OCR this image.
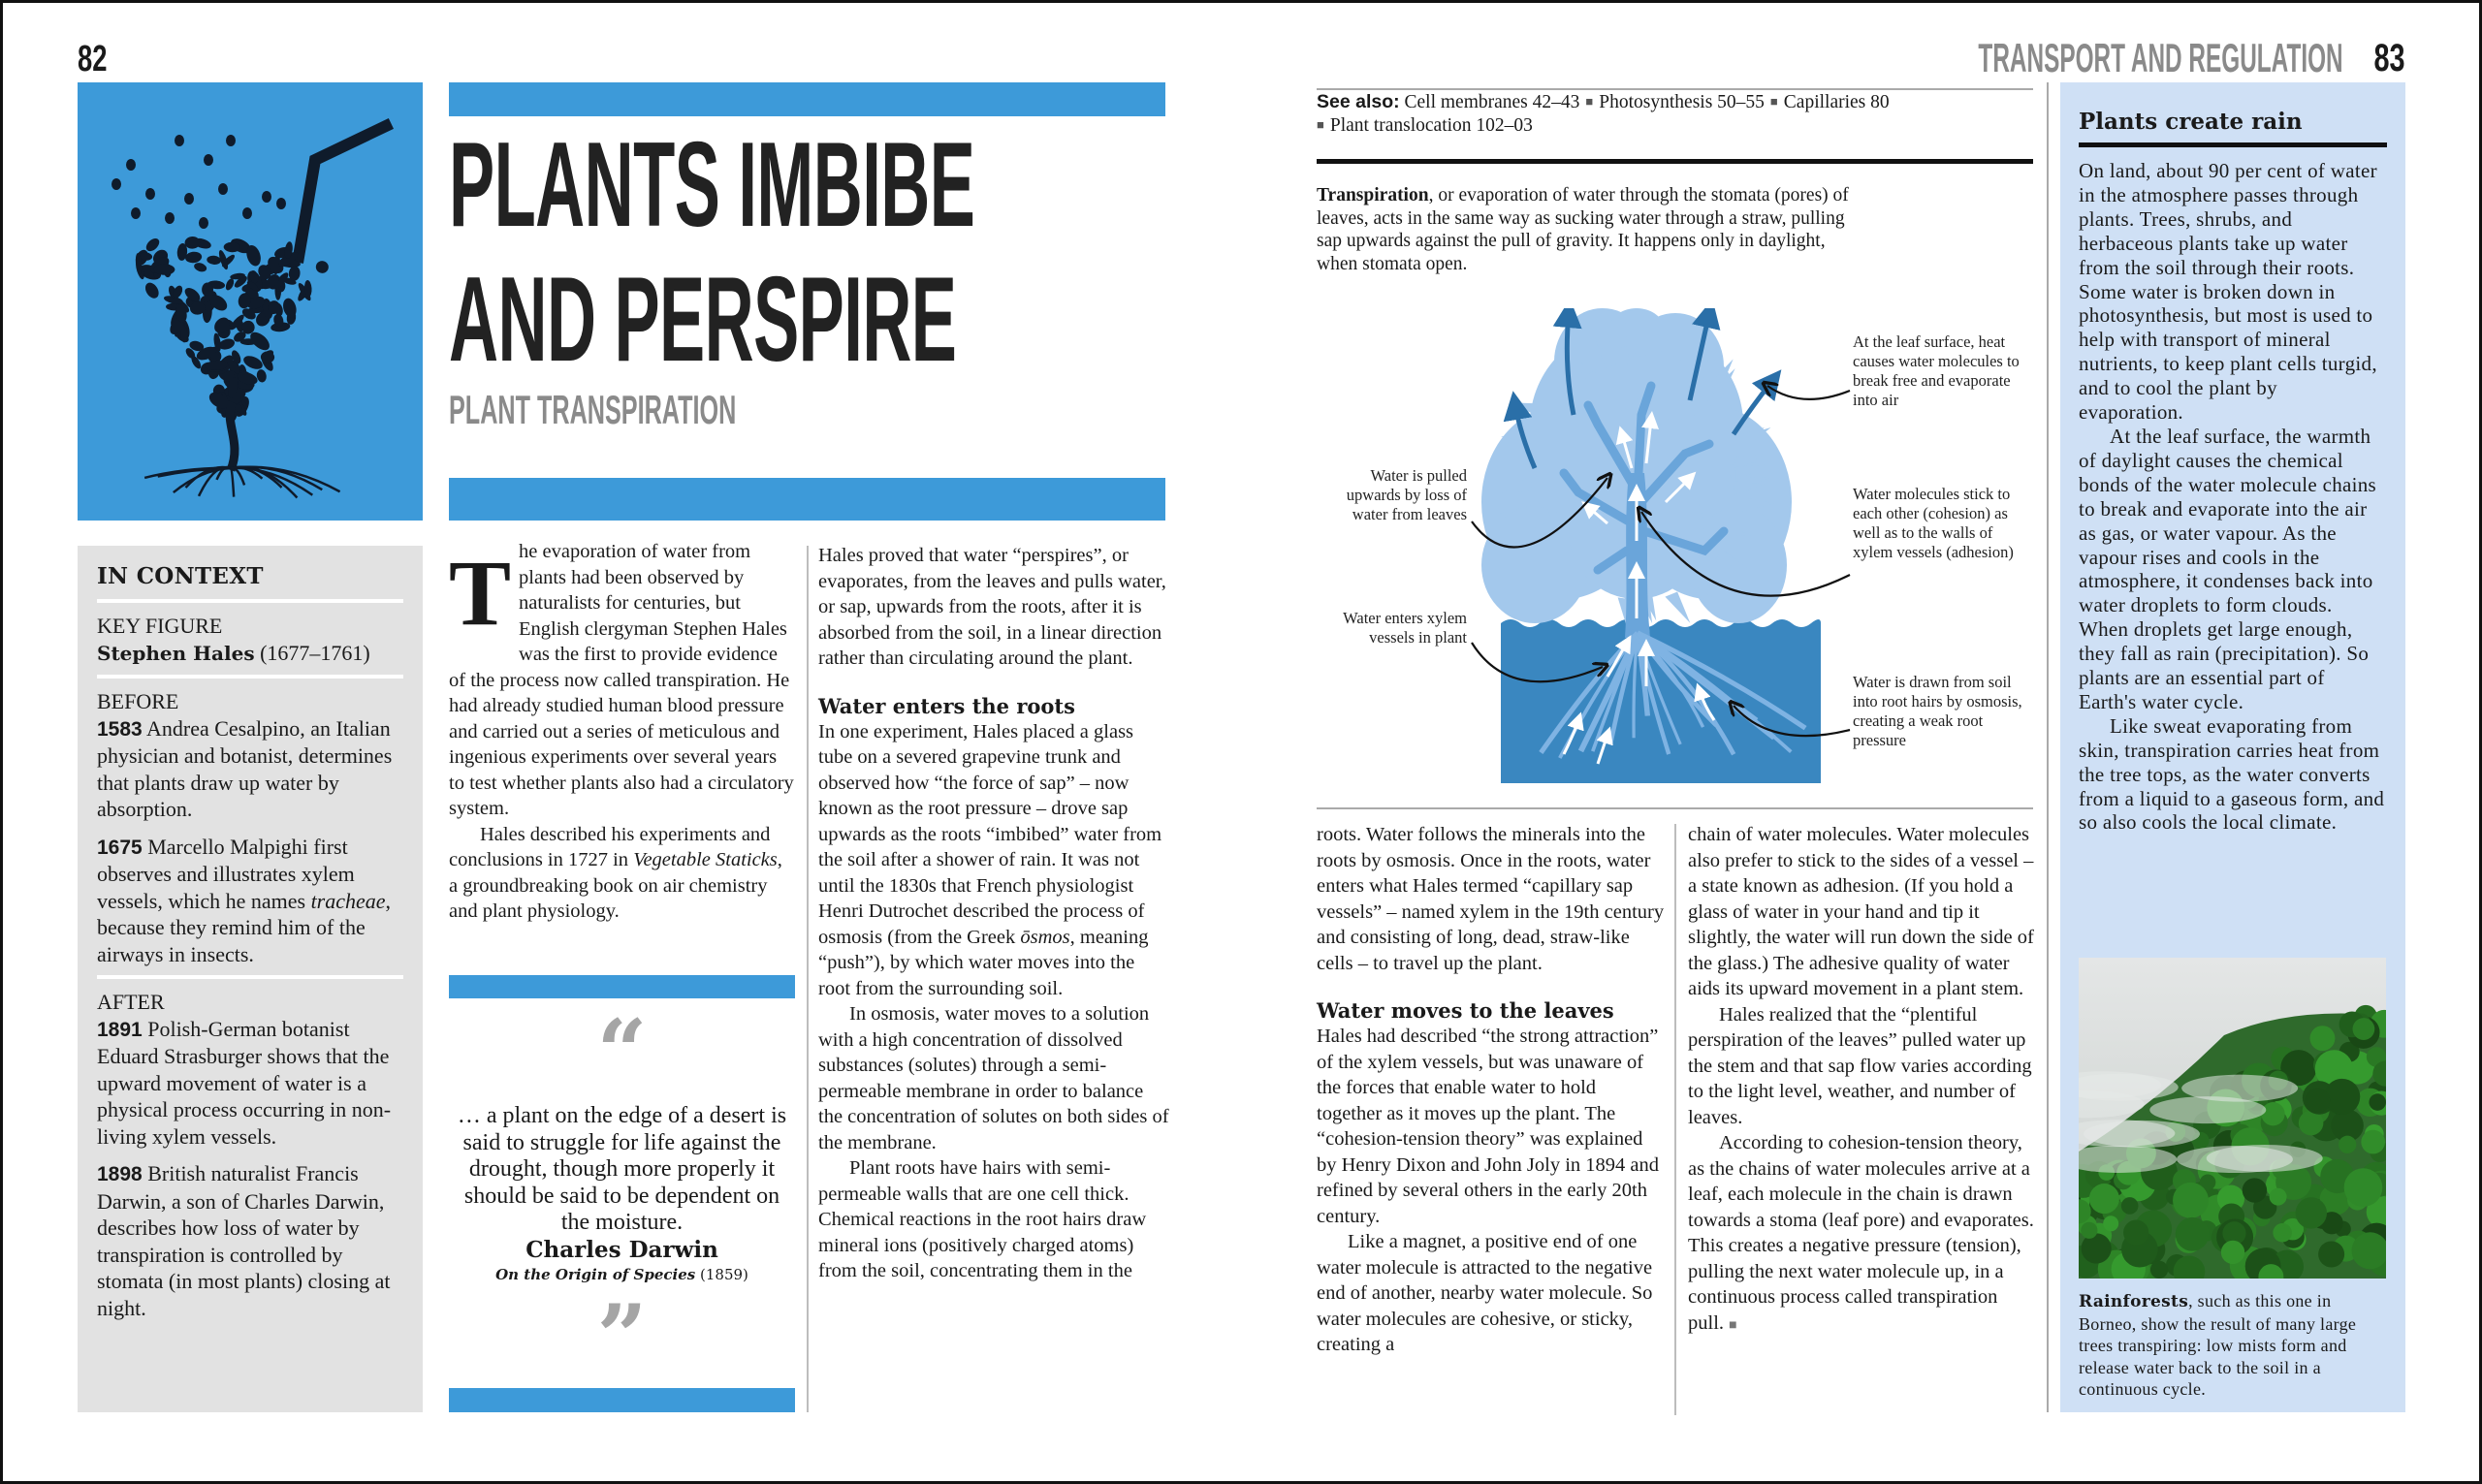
82
PLANTS IMBIBE
AND PERSPIRE
PLANT TRANSPIRATION
IN CONTEXT
KEY FIGURE
Stephen Hales (1677–1761)
BEFORE
1583 Andrea Cesalpino, an Italian physician and botanist, determines that plants draw up water by absorption.
1675 Marcello Malpighi first observes and illustrates xylem vessels, which he names tracheae, because they remind him of the airways in insects.
AFTER
1891 Polish-German botanist Eduard Strasburger shows that the upward movement of water is a physical process occurring in non-living xylem vessels.
1898 British naturalist Francis Darwin, a son of Charles Darwin, describes how loss of water by transpiration is controlled by stomata (in most plants) closing at night.
T he evaporation of water from plants had been observed by naturalists for centuries, but English clergyman Stephen Hales was the first to provide evidence of the process now called transpiration. He had already studied human blood pressure and carried out a series of meticulous and ingenious experiments over several years to test whether plants also had a circulatory system.

Hales described his experiments and conclusions in 1727 in Vegetable Staticks, a groundbreaking book on air chemistry and plant physiology.

“
… a plant on the edge of a desert is said to struggle for life against the drought, though more properly it should be said to be dependent on the moisture.
Charles Darwin
On the Origin of Species (1859)
”

Hales proved that water “perspires”, or evaporates, from the leaves and pulls water, or sap, upwards from the roots, after it is absorbed from the soil, in a linear direction rather than circulating around the plant.

Water enters the roots

In one experiment, Hales placed a glass tube on a severed grapevine trunk and observed how “the force of sap” – now known as the root pressure – drove sap upwards as the roots “imbibed” water from the soil after a shower of rain. It was not until the 1830s that French physiologist Henri Dutrochet described the process of osmosis (from the Greek ōsmos, meaning “push”), by which water moves into the root from the surrounding soil.

In osmosis, water moves to a solution with a high concentration of dissolved substances (solutes) through a semi-permeable membrane in order to balance the concentration of solutes on both sides of the membrane.

Plant roots have hairs with semi-permeable walls that are one cell thick. Chemical reactions in the root hairs draw mineral ions (positively charged atoms) from the soil, concentrating them in the

TRANSPORT AND REGULATION 83
See also: Cell membranes 42–43 ■ Photosynthesis 50–55 ■ Capillaries 80
■ Plant translocation 102–03
Transpiration, or evaporation of water through the stomata (pores) of leaves, acts in the same way as sucking water through a straw, pulling sap upwards against the pull of gravity. It happens only in daylight, when stomata open.
At the leaf surface, heat causes water molecules to break free and evaporate into air
Water is pulled upwards by loss of water from leaves
Water molecules stick to each other (cohesion) as well as to the walls of xylem vessels (adhesion)
Water enters xylem vessels in plant
Water is drawn from soil into root hairs by osmosis, creating a weak root pressure

roots. Water follows the minerals into the roots by osmosis. Once in the roots, water enters what Hales termed “capillary sap vessels” – named xylem in the 19th century and consisting of long, dead, straw-like cells – to travel up the plant.

Water moves to the leaves

Hales had described “the strong attraction” of the xylem vessels, but was unaware of the forces that enable water to hold together as it moves up the plant. The “cohesion-tension theory” was explained by Henry Dixon and John Joly in 1894 and refined by several others in the early 20th century.

Like a magnet, a positive end of one water molecule is attracted to the negative end of another, nearby water molecule. So water molecules are cohesive, or sticky, creating a

chain of water molecules. Water molecules also prefer to stick to the sides of a vessel – a state known as adhesion. (If you hold a glass of water in your hand and tip it slightly, the water will run down the side of the glass.) The adhesive quality of water aids its upward movement in a plant stem.

Hales realized that the “plentiful perspiration of the leaves” pulled water up the stem and that sap flow varies according to the light level, weather, and number of leaves.

According to cohesion-tension theory, as the chains of water molecules arrive at a leaf, each molecule in the chain is drawn towards a stoma (leaf pore) and evaporates. This creates a negative pressure (tension), pulling the next water molecule up, in a continuous process called transpiration pull. ■

Plants create rain

On land, about 90 per cent of water in the atmosphere passes through plants. Trees, shrubs, and herbaceous plants take up water from the soil through their roots. Some water is broken down in photosynthesis, but most is used to help with transport of mineral nutrients, to keep plant cells turgid, and to cool the plant by evaporation.

At the leaf surface, the warmth of daylight causes the chemical bonds of the water molecule chains to break and evaporate into the air as gas, or water vapour. As the vapour rises and cools in the atmosphere, it condenses back into water droplets to form clouds. When droplets get large enough, they fall as rain (precipitation). So plants are an essential part of Earth's water cycle.

Like sweat evaporating from skin, transpiration carries heat from the tree tops, as the water converts from a liquid to a gaseous form, and so also cools the local climate.

Rainforests, such as this one in Borneo, show the result of many large trees transpiring: low mists form and release water back to the soil in a continuous cycle.
